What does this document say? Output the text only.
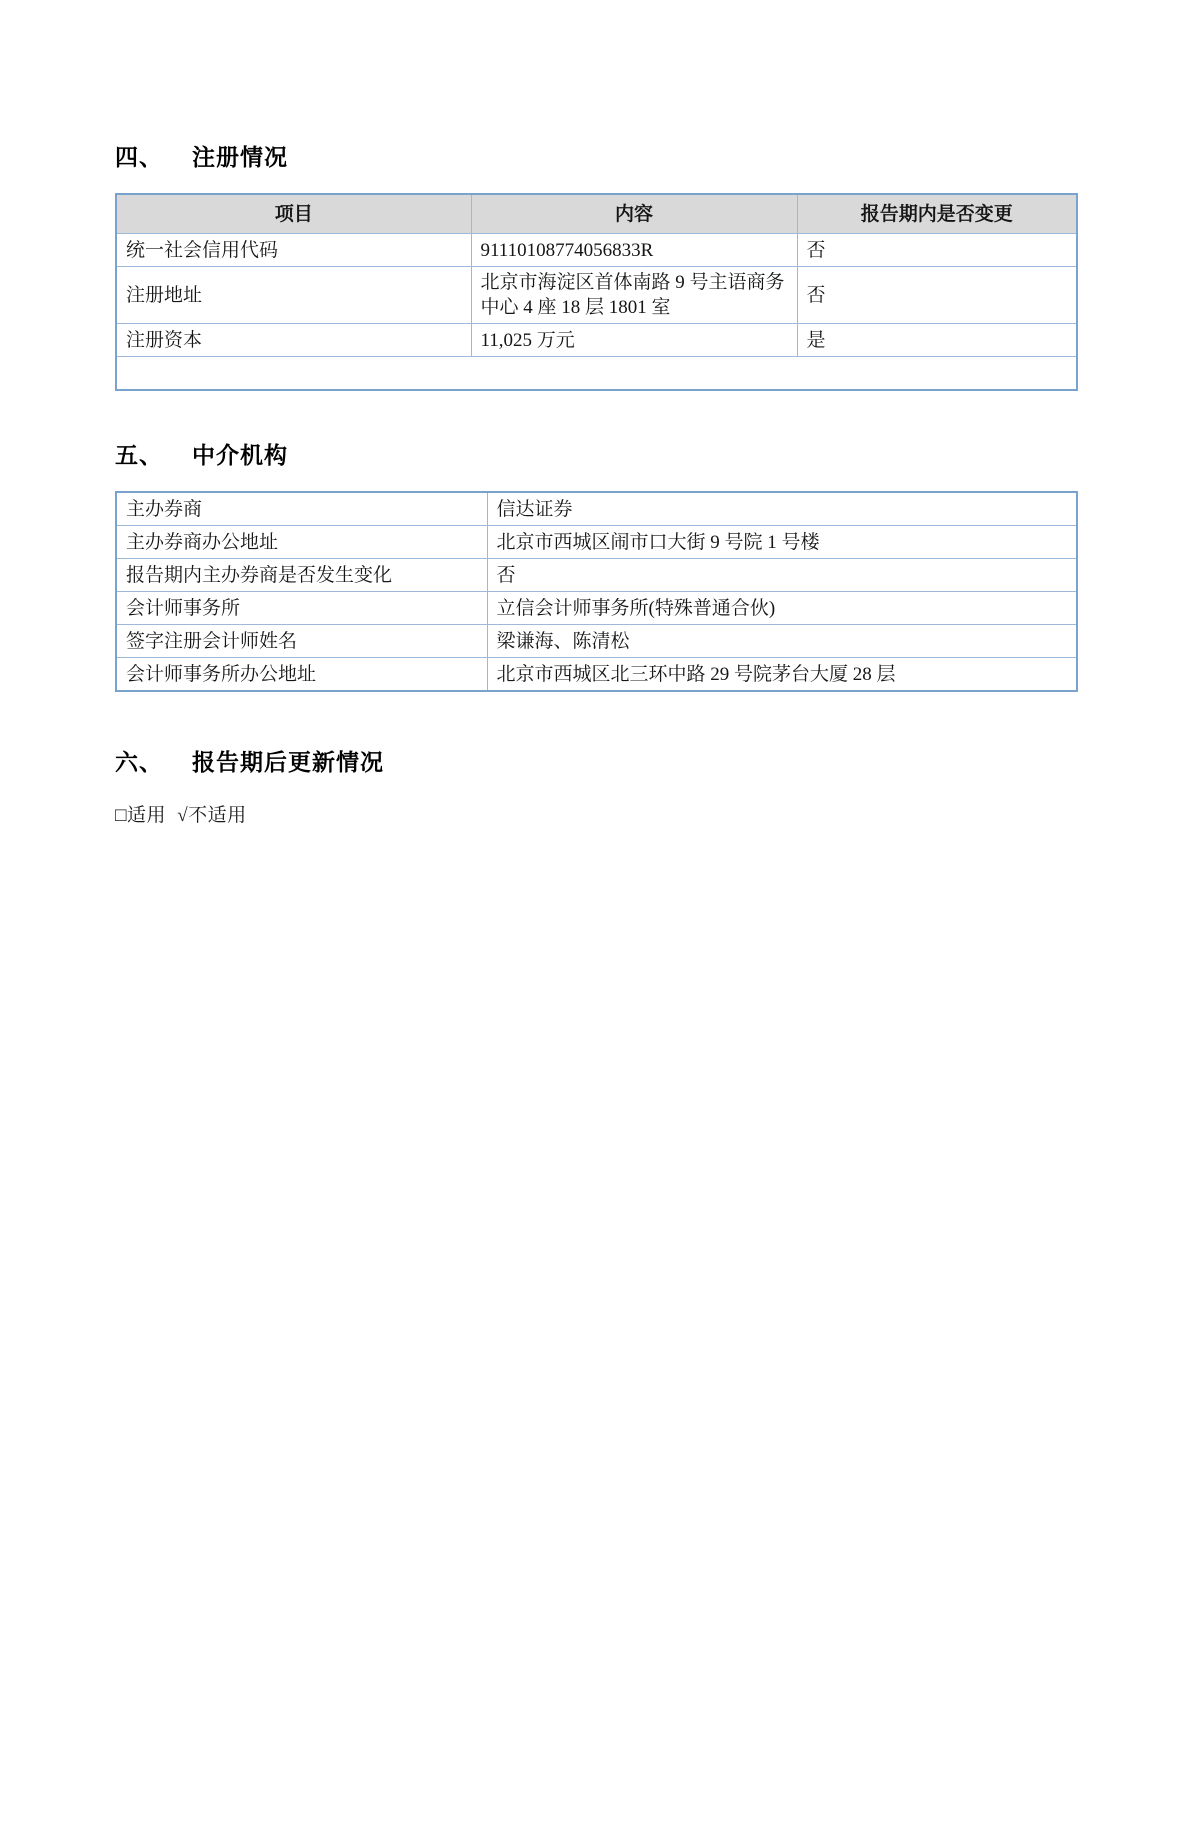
四、	注册情况
项目	内容	报告期内是否变更
统一社会信用代码	91110108774056833R	否
注册地址	北京市海淀区首体南路 9 号主语商务中心 4 座 18 层 1801 室	否
注册资本	11,025 万元	是

五、	中介机构
主办券商	信达证券
主办券商办公地址	北京市西城区闹市口大街 9 号院 1 号楼
报告期内主办券商是否发生变化	否
会计师事务所	立信会计师事务所(特殊普通合伙)
签字注册会计师姓名	梁谦海、陈清松
会计师事务所办公地址	北京市西城区北三环中路 29 号院茅台大厦 28 层
六、	报告期后更新情况
□适用 √不适用
